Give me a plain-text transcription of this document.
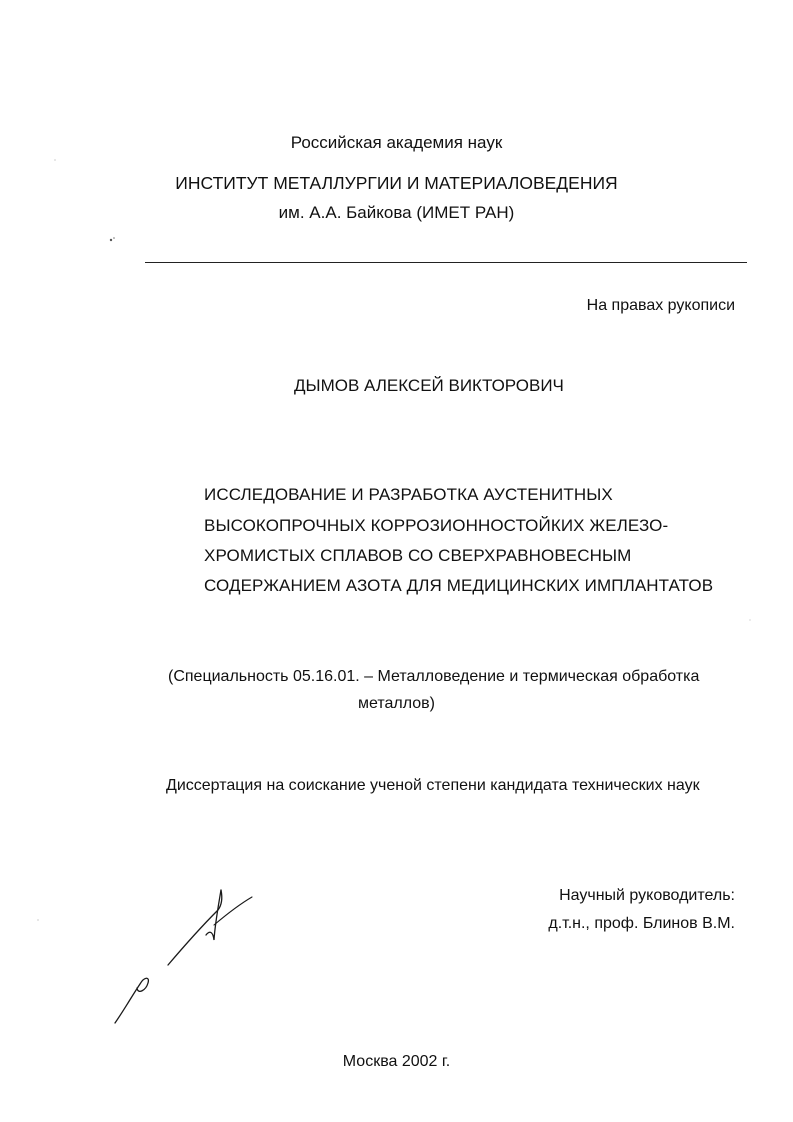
Российская академия наук
ИНСТИТУТ МЕТАЛЛУРГИИ И МАТЕРИАЛОВЕДЕНИЯ
им. А.А. Байкова (ИМЕТ РАН)
На правах рукописи
ДЫМОВ АЛЕКСЕЙ ВИКТОРОВИЧ
ИССЛЕДОВАНИЕ И РАЗРАБОТКА АУСТЕНИТНЫХ
ВЫСОКОПРОЧНЫХ КОРРОЗИОННОСТОЙКИХ ЖЕЛЕЗО-
ХРОМИСТЫХ СПЛАВОВ СО СВЕРХРАВНОВЕСНЫМ
СОДЕРЖАНИЕМ АЗОТА ДЛЯ МЕДИЦИНСКИХ ИМПЛАНТАТОВ
(Специальность 05.16.01. – Металловедение и термическая обработка
металлов)
Диссертация на соискание ученой степени кандидата технических наук
Научный руководитель:
д.т.н., проф. Блинов В.М.
Москва 2002 г.
